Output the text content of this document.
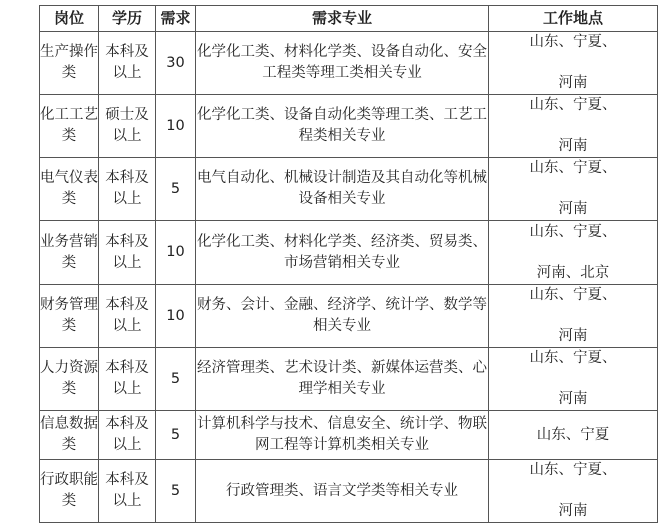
岗位	学历	需求	需求专业	工作地点
生产操作类	本科及以上	30	化学化工类、材料化学类、设备自动化、安全工程类等理工类相关专业	山东、宁夏、
河南

化工工艺类	硕士及以上	10	化学化工类、设备自动化类等理工类、工艺工程类相关专业	山东、宁夏、
河南

电气仪表类	本科及以上	5	电气自动化、机械设计制造及其自动化等机械设备相关专业	山东、宁夏、
河南

业务营销类	本科及以上	10	化学化工类、材料化学类、经济类、贸易类、市场营销相关专业	山东、宁夏、
河南、北京

财务管理类	本科及以上	10	财务、会计、金融、经济学、统计学、数学等相关专业	山东、宁夏、
河南

人力资源类	本科及以上	5	经济管理类、艺术设计类、新媒体运营类、心理学相关专业	山东、宁夏、
河南

信息数据类	本科及以上	5	计算机科学与技术、信息安全、统计学、物联网工程等计算机类相关专业	山东、宁夏
行政职能类	本科及以上	5	行政管理类、语言文学类等相关专业	山东、宁夏、
河南
